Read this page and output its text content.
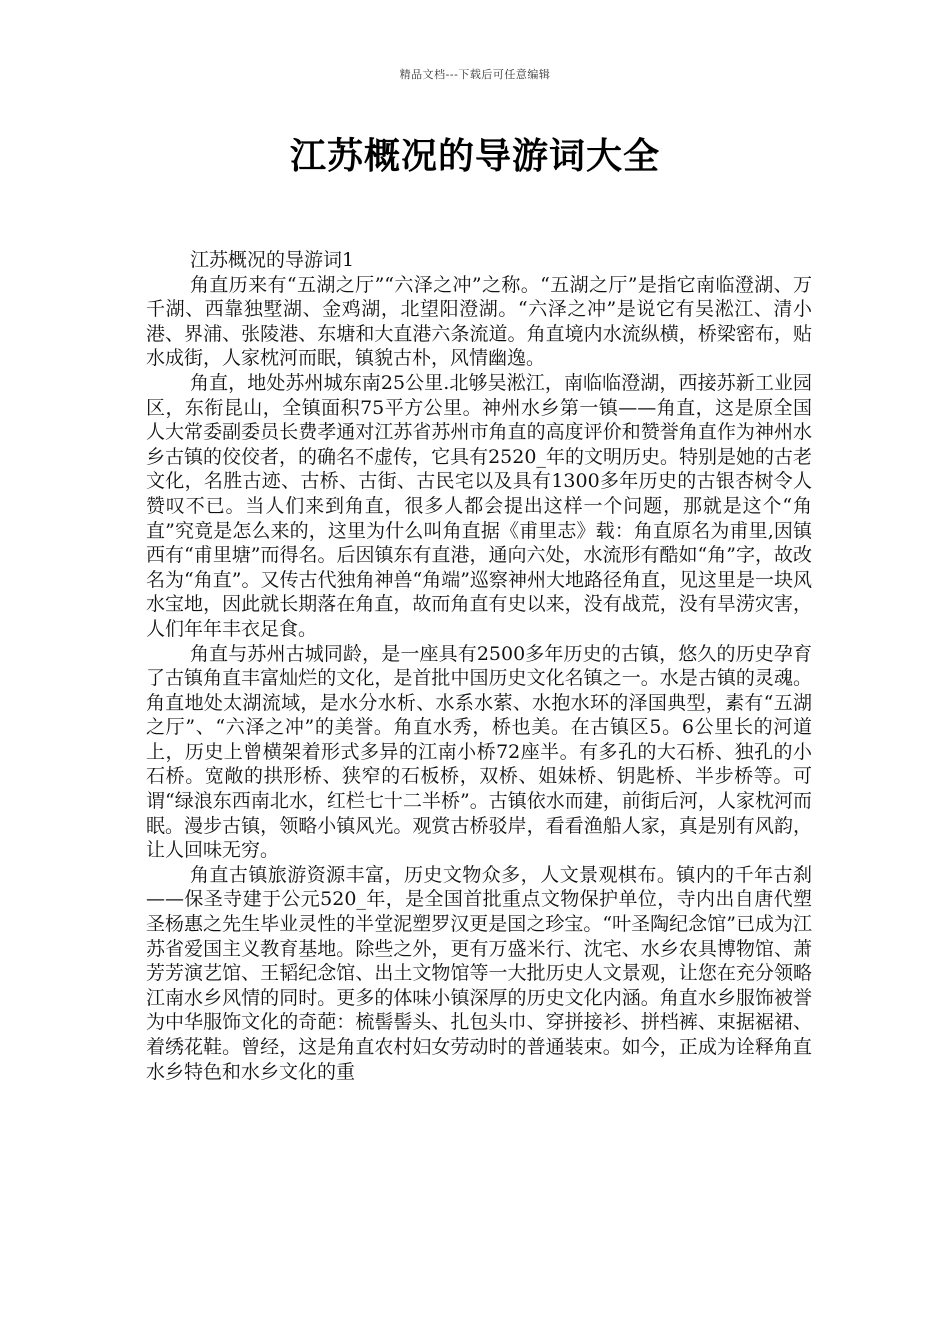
精品文档---下载后可任意编辑
江苏概况的导游词大全

江苏概况的导游词1

角直历来有“五湖之厅”“六泽之冲”之称。“五湖之厅”是指它南临澄湖、万千湖、西靠独墅湖、金鸡湖，北望阳澄湖。“六泽之冲”是说它有吴淞江、清小港、界浦、张陵港、东塘和大直港六条流道。角直境内水流纵横，桥梁密布，贴水成街，人家枕河而眠，镇貌古朴，风情幽逸。

角直，地处苏州城东南25公里.北够吴淞江，南临临澄湖，西接苏新工业园区，东衔昆山，全镇面积75平方公里。神州水乡第一镇——角直，这是原全国人大常委副委员长费孝通对江苏省苏州市角直的高度评价和赞誉角直作为神州水乡古镇的佼佼者，的确名不虚传，它具有2520_年的文明历史。特别是她的古老文化，名胜古迹、古桥、古街、古民宅以及具有1300多年历史的古银杏树令人赞叹不已。当人们来到角直，很多人都会提出这样一个问题，那就是这个“角直”究竟是怎么来的，这里为什么叫角直据《甫里志》载：角直原名为甫里,因镇西有“甫里塘”而得名。后因镇东有直港，通向六处，水流形有酷如“角”字，故改名为“角直”。又传古代独角神兽“角端”巡察神州大地路径角直，见这里是一块风水宝地，因此就长期落在角直，故而角直有史以来，没有战荒，没有旱涝灾害，人们年年丰衣足食。

角直与苏州古城同龄，是一座具有2500多年历史的古镇，悠久的历史孕育了古镇角直丰富灿烂的文化，是首批中国历史文化名镇之一。水是古镇的灵魂。角直地处太湖流域，是水分水析、水系水萦、水抱水环的泽国典型，素有“五湖之厅”、“六泽之冲”的美誉。角直水秀，桥也美。在古镇区5。6公里长的河道上，历史上曾横架着形式多异的江南小桥72座半。有多孔的大石桥、独孔的小石桥。宽敞的拱形桥、狭窄的石板桥，双桥、姐妹桥、钥匙桥、半步桥等。可谓“绿浪东西南北水，红栏七十二半桥”。古镇依水而建，前街后河，人家枕河而眠。漫步古镇，领略小镇风光。观赏古桥驳岸，看看渔船人家，真是别有风韵，让人回味无穷。

角直古镇旅游资源丰富，历史文物众多，人文景观棋布。镇内的千年古刹——保圣寺建于公元520_年，是全国首批重点文物保护单位，寺内出自唐代塑圣杨惠之先生毕业灵性的半堂泥塑罗汉更是国之珍宝。“叶圣陶纪念馆”已成为江苏省爱国主义教育基地。除些之外，更有万盛米行、沈宅、水乡农具博物馆、萧芳芳演艺馆、王韬纪念馆、出土文物馆等一大批历史人文景观，让您在充分领略江南水乡风情的同时。更多的体味小镇深厚的历史文化内涵。角直水乡服饰被誉为中华服饰文化的奇葩：梳髻髻头、扎包头巾、穿拼接衫、拼档裤、束据裾裙、着绣花鞋。曾经，这是角直农村妇女劳动时的普通装束。如今，正成为诠释角直水乡特色和水乡文化的重
